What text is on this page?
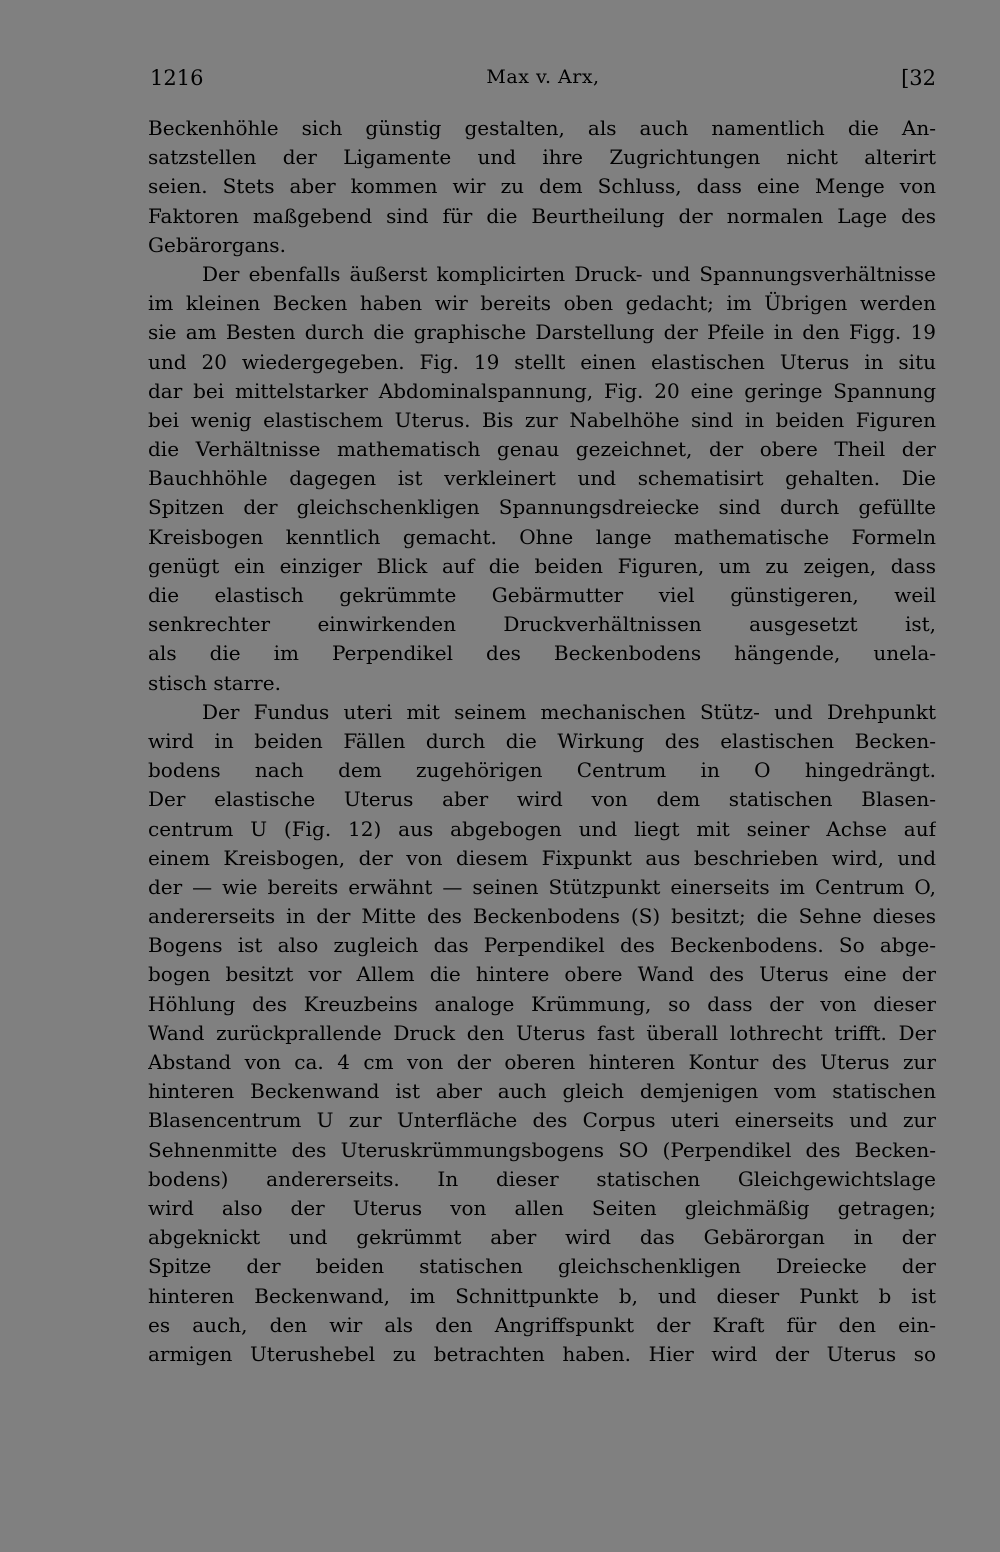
1216	Max v. Arx,	[32
Beckenhöhle sich günstig gestalten, als auch namentlich die An-
satzstellen der Ligamente und ihre Zugrichtungen nicht alterirt
seien. Stets aber kommen wir zu dem Schluss, dass eine Menge von
Faktoren maßgebend sind für die Beurtheilung der normalen Lage des
Gebärorgans.
Der ebenfalls äußerst komplicirten Druck- und Spannungsverhältnisse
im kleinen Becken haben wir bereits oben gedacht; im Übrigen werden
sie am Besten durch die graphische Darstellung der Pfeile in den Figg. 19
und 20 wiedergegeben. Fig. 19 stellt einen elastischen Uterus in situ
dar bei mittelstarker Abdominalspannung, Fig. 20 eine geringe Spannung
bei wenig elastischem Uterus. Bis zur Nabelhöhe sind in beiden Figuren
die Verhältnisse mathematisch genau gezeichnet, der obere Theil der
Bauchhöhle dagegen ist verkleinert und schematisirt gehalten. Die
Spitzen der gleichschenkligen Spannungsdreiecke sind durch gefüllte
Kreisbogen kenntlich gemacht. Ohne lange mathematische Formeln
genügt ein einziger Blick auf die beiden Figuren, um zu zeigen, dass
die elastisch gekrümmte Gebärmutter viel günstigeren, weil
senkrechter einwirkenden Druckverhältnissen ausgesetzt ist,
als die im Perpendikel des Beckenbodens hängende, unela-
stisch starre.
Der Fundus uteri mit seinem mechanischen Stütz- und Drehpunkt
wird in beiden Fällen durch die Wirkung des elastischen Becken-
bodens nach dem zugehörigen Centrum in O hingedrängt.
Der elastische Uterus aber wird von dem statischen Blasen-
centrum U (Fig. 12) aus abgebogen und liegt mit seiner Achse auf
einem Kreisbogen, der von diesem Fixpunkt aus beschrieben wird, und
der — wie bereits erwähnt — seinen Stützpunkt einerseits im Centrum O,
andererseits in der Mitte des Beckenbodens (S) besitzt; die Sehne dieses
Bogens ist also zugleich das Perpendikel des Beckenbodens. So abge-
bogen besitzt vor Allem die hintere obere Wand des Uterus eine der
Höhlung des Kreuzbeins analoge Krümmung, so dass der von dieser
Wand zurückprallende Druck den Uterus fast überall lothrecht trifft. Der
Abstand von ca. 4 cm von der oberen hinteren Kontur des Uterus zur
hinteren Beckenwand ist aber auch gleich demjenigen vom statischen
Blasencentrum U zur Unterfläche des Corpus uteri einerseits und zur
Sehnenmitte des Uteruskrümmungsbogens SO (Perpendikel des Becken-
bodens) andererseits. In dieser statischen Gleichgewichtslage
wird also der Uterus von allen Seiten gleichmäßig getragen;
abgeknickt und gekrümmt aber wird das Gebärorgan in der
Spitze der beiden statischen gleichschenkligen Dreiecke der
hinteren Beckenwand, im Schnittpunkte b, und dieser Punkt b ist
es auch, den wir als den Angriffspunkt der Kraft für den ein-
armigen Uterushebel zu betrachten haben. Hier wird der Uterus so
